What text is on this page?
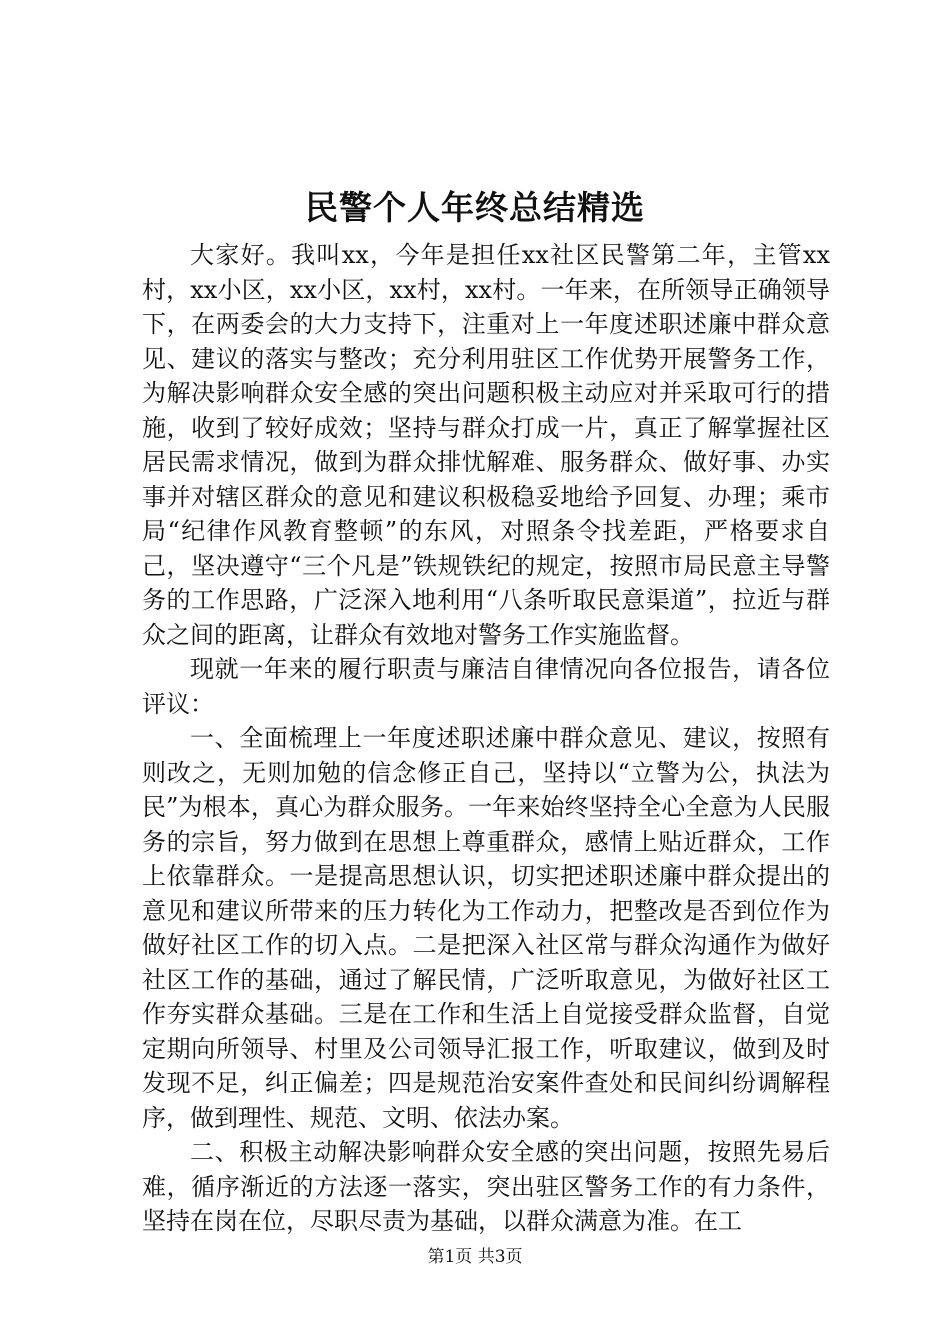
民警个人年终总结精选

大家好。我叫xx，今年是担任xx社区民警第二年，主管xx村，xx小区，xx小区，xx村，xx村。一年来，在所领导正确领导下，在两委会的大力支持下，注重对上一年度述职述廉中群众意见、建议的落实与整改；充分利用驻区工作优势开展警务工作，为解决影响群众安全感的突出问题积极主动应对并采取可行的措施，收到了较好成效；坚持与群众打成一片，真正了解掌握社区居民需求情况，做到为群众排忧解难、服务群众、做好事、办实事并对辖区群众的意见和建议积极稳妥地给予回复、办理；乘市局“纪律作风教育整顿”的东风，对照条令找差距，严格要求自己，坚决遵守“三个凡是”铁规铁纪的规定，按照市局民意主导警务的工作思路，广泛深入地利用“八条听取民意渠道”，拉近与群众之间的距离，让群众有效地对警务工作实施监督。

现就一年来的履行职责与廉洁自律情况向各位报告，请各位评议：

一、全面梳理上一年度述职述廉中群众意见、建议，按照有则改之，无则加勉的信念修正自己，坚持以“立警为公，执法为民”为根本，真心为群众服务。一年来始终坚持全心全意为人民服务的宗旨，努力做到在思想上尊重群众，感情上贴近群众，工作上依靠群众。一是提高思想认识，切实把述职述廉中群众提出的意见和建议所带来的压力转化为工作动力，把整改是否到位作为做好社区工作的切入点。二是把深入社区常与群众沟通作为做好社区工作的基础，通过了解民情，广泛听取意见，为做好社区工作夯实群众基础。三是在工作和生活上自觉接受群众监督，自觉定期向所领导、村里及公司领导汇报工作，听取建议，做到及时发现不足，纠正偏差；四是规范治安案件查处和民间纠纷调解程序，做到理性、规范、文明、依法办案。

二、积极主动解决影响群众安全感的突出问题，按照先易后难，循序渐近的方法逐一落实，突出驻区警务工作的有力条件，坚持在岗在位，尽职尽责为基础，以群众满意为准。在工

第1页 共3页
